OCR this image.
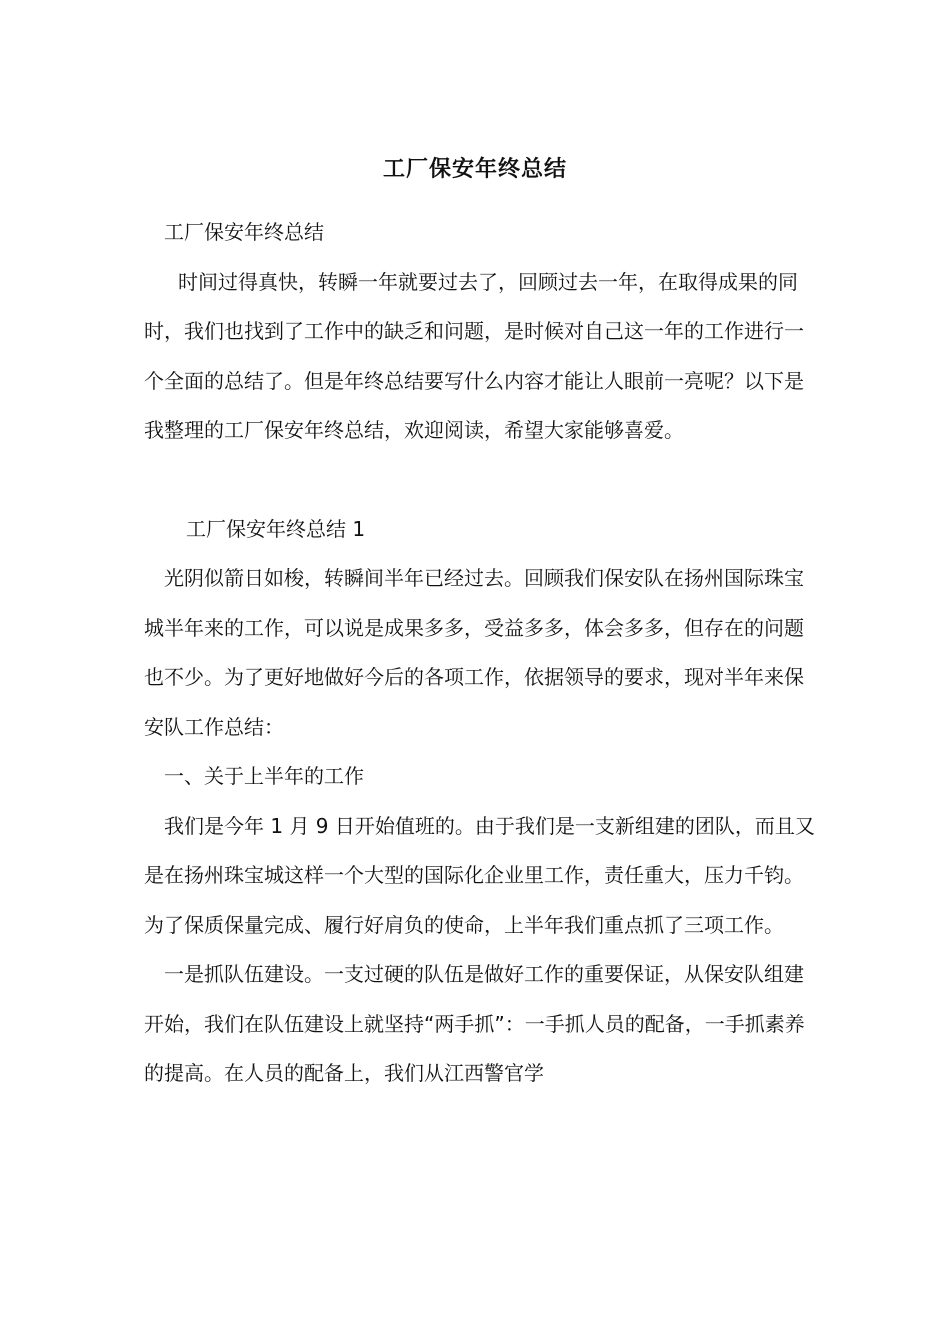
工厂保安年终总结

工厂保安年终总结

时间过得真快，转瞬一年就要过去了，回顾过去一年，在取得成果的同时，我们也找到了工作中的缺乏和问题，是时候对自己这一年的工作进行一个全面的总结了。但是年终总结要写什么内容才能让人眼前一亮呢？以下是我整理的工厂保安年终总结，欢迎阅读，希望大家能够喜爱。

工厂保安年终总结 1

光阴似箭日如梭，转瞬间半年已经过去。回顾我们保安队在扬州国际珠宝城半年来的工作，可以说是成果多多，受益多多，体会多多，但存在的问题也不少。为了更好地做好今后的各项工作，依据领导的要求，现对半年来保安队工作总结：

一、关于上半年的工作

我们是今年 1 月 9 日开始值班的。由于我们是一支新组建的团队，而且又是在扬州珠宝城这样一个大型的国际化企业里工作，责任重大，压力千钧。为了保质保量完成、履行好肩负的使命，上半年我们重点抓了三项工作。

一是抓队伍建设。一支过硬的队伍是做好工作的重要保证，从保安队组建开始，我们在队伍建设上就坚持“两手抓”：一手抓人员的配备，一手抓素养的提高。在人员的配备上，我们从江西警官学
